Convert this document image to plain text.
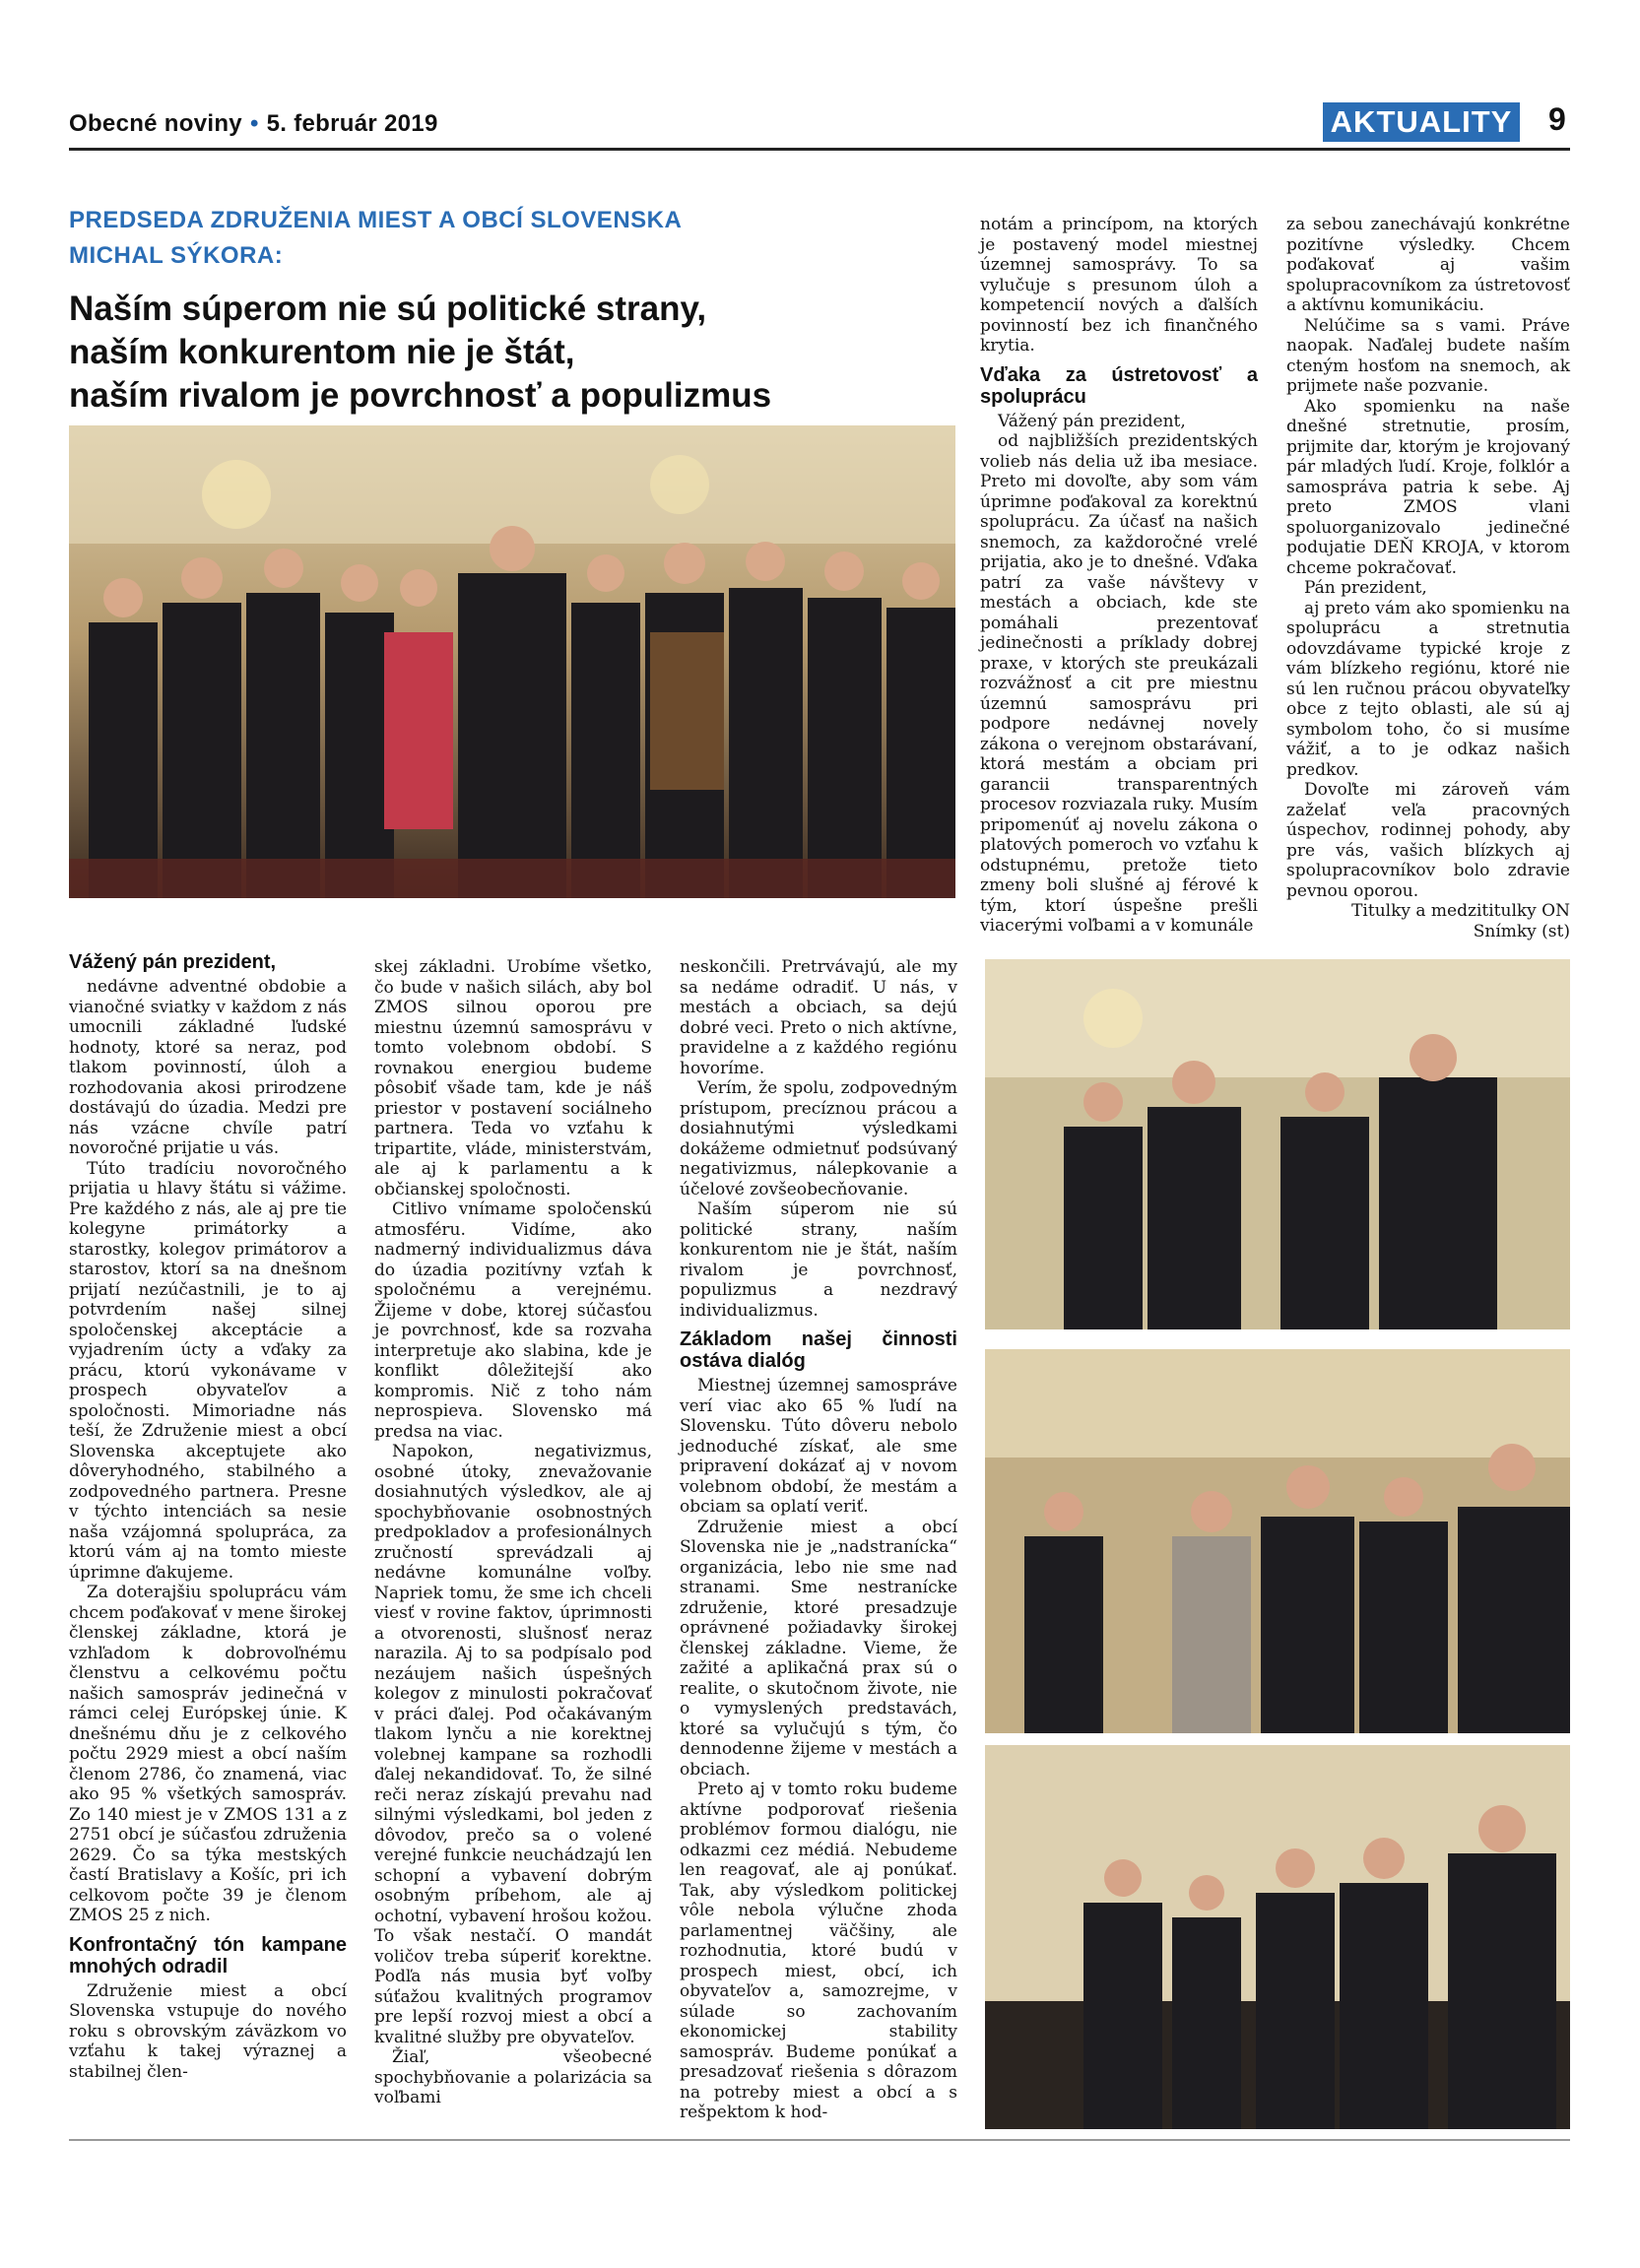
Obecné noviny • 5. február 2019	AKTUALITY 9
PREDSEDA ZDRUŽENIA MIEST A OBCÍ SLOVENSKA
MICHAL SÝKORA:
Naším súperom nie sú politické strany,
naším konkurentom nie je štát,
naším rivalom je povrchnosť a populizmus
Vážený pán prezident,

nedávne adventné obdobie a vianočné sviatky v každom z nás umocnili základné ľudské hodnoty, ktoré sa neraz, pod tlakom povinností, úloh a rozhodovania akosi prirodzene dostávajú do úzadia. Medzi pre nás vzácne chvíle patrí novoročné prijatie u vás.

Túto tradíciu novoročného prijatia u hlavy štátu si vážime. Pre každého z nás, ale aj pre tie kolegyne primátorky a starostky, kolegov primátorov a starostov, ktorí sa na dnešnom prijatí nezúčastnili, je to aj potvrdením našej silnej spoločenskej akceptácie a vyjadrením úcty a vďaky za prácu, ktorú vykonávame v prospech obyvateľov a spoločnosti. Mimoriadne nás teší, že Združenie miest a obcí Slovenska akceptujete ako dôveryhodného, stabilného a zodpovedného partnera. Presne v týchto intenciách sa nesie naša vzájomná spolupráca, za ktorú vám aj na tomto mieste úprimne ďakujeme.

Za doterajšiu spoluprácu vám chcem poďakovať v mene širokej členskej základne, ktorá je vzhľadom k dobrovoľnému členstvu a celkovému počtu našich samospráv jedinečná v rámci celej Európskej únie. K dnešnému dňu je z celkového počtu 2929 miest a obcí naším členom 2786, čo znamená, viac ako 95 % všetkých samospráv. Zo 140 miest je v ZMOS 131 a z 2751 obcí je súčasťou združenia 2629. Čo sa týka mestských častí Bratislavy a Košíc, pri ich celkovom počte 39 je členom ZMOS 25 z nich.

Konfrontačný tón kampane mnohých odradil

Združenie miest a obcí Slovenska vstupuje do nového roku s obrovským záväzkom vo vzťahu k takej výraznej a stabilnej člen-

skej základni. Urobíme všetko, čo bude v našich silách, aby bol ZMOS silnou oporou pre miestnu územnú samosprávu v tomto volebnom období. S rovnakou energiou budeme pôsobiť všade tam, kde je náš priestor v postavení sociálneho partnera. Teda vo vzťahu k tripartite, vláde, ministerstvám, ale aj k parlamentu a k občianskej spoločnosti.

Citlivo vnímame spoločenskú atmosféru. Vidíme, ako nadmerný individualizmus dáva do úzadia pozitívny vzťah k spoločnému a verejnému. Žijeme v dobe, ktorej súčasťou je povrchnosť, kde sa rozvaha interpretuje ako slabina, kde je konflikt dôležitejší ako kompromis. Nič z toho nám neprospieva. Slovensko má predsa na viac.

Napokon, negativizmus, osobné útoky, znevažovanie dosiahnutých výsledkov, ale aj spochybňovanie osobnostných predpokladov a profesionálnych zručností sprevádzali aj nedávne komunálne voľby. Napriek tomu, že sme ich chceli viesť v rovine faktov, úprimnosti a otvorenosti, slušnosť neraz narazila. Aj to sa podpísalo pod nezáujem našich úspešných kolegov z minulosti pokračovať v práci ďalej. Pod očakávaným tlakom lynču a nie korektnej volebnej kampane sa rozhodli ďalej nekandidovať. To, že silné reči neraz získajú prevahu nad silnými výsledkami, bol jeden z dôvodov, prečo sa o volené verejné funkcie neuchádzajú len schopní a vybavení dobrým osobným príbehom, ale aj ochotní, vybavení hrošou kožou. To však nestačí. O mandát voličov treba súperiť korektne. Podľa nás musia byť voľby súťažou kvalitných programov pre lepší rozvoj miest a obcí a kvalitné služby pre obyvateľov.

Žiaľ, všeobecné spochybňovanie a polarizácia sa voľbami

neskončili. Pretrvávajú, ale my sa nedáme odradiť. U nás, v mestách a obciach, sa dejú dobré veci. Preto o nich aktívne, pravidelne a z každého regiónu hovoríme.

Verím, že spolu, zodpovedným prístupom, precíznou prácou a dosiahnutými výsledkami dokážeme odmietnuť podsúvaný negativizmus, nálepkovanie a účelové zovšeobecňovanie.

Naším súperom nie sú politické strany, naším konkurentom nie je štát, naším rivalom je povrchnosť, populizmus a nezdravý individualizmus.

Základom našej činnosti ostáva dialóg

Miestnej územnej samospráve verí viac ako 65 % ľudí na Slovensku. Túto dôveru nebolo jednoduché získať, ale sme pripravení dokázať aj v novom volebnom období, že mestám a obciam sa oplatí veriť.

Združenie miest a obcí Slovenska nie je „nadstranícka“ organizácia, lebo nie sme nad stranami. Sme nestranícke združenie, ktoré presadzuje oprávnené požiadavky širokej členskej základne. Vieme, že zažité a aplikačná prax sú o realite, o skutočnom živote, nie o vymyslených predstavách, ktoré sa vylučujú s tým, čo dennodenne žijeme v mestách a obciach.

Preto aj v tomto roku budeme aktívne podporovať riešenia problémov formou dialógu, nie odkazmi cez médiá. Nebudeme len reagovať, ale aj ponúkať. Tak, aby výsledkom politickej vôle nebola výlučne zhoda parlamentnej väčšiny, ale rozhodnutia, ktoré budú v prospech miest, obcí, ich obyvateľov a, samozrejme, v súlade so zachovaním ekonomickej stability samospráv. Budeme ponúkať a presadzovať riešenia s dôrazom na potreby miest a obcí a s rešpektom k hod-

notám a princípom, na ktorých je postavený model miestnej územnej samosprávy. To sa vylučuje s presunom úloh a kompetencií nových a ďalších povinností bez ich finančného krytia.

Vďaka za ústretovosť a spoluprácu

Vážený pán prezident,

od najbližších prezidentských volieb nás delia už iba mesiace. Preto mi dovoľte, aby som vám úprimne poďakoval za korektnú spoluprácu. Za účasť na našich snemoch, za každoročné vrelé prijatia, ako je to dnešné. Vďaka patrí za vaše návštevy v mestách a obciach, kde ste pomáhali prezentovať jedinečnosti a príklady dobrej praxe, v ktorých ste preukázali rozvážnosť a cit pre miestnu územnú samosprávu pri podpore nedávnej novely zákona o verejnom obstarávaní, ktorá mestám a obciam pri garancii transparentných procesov rozviazala ruky. Musím pripomenúť aj novelu zákona o platových pomeroch vo vzťahu k odstupnému, pretože tieto zmeny boli slušné aj férové k tým, ktorí úspešne prešli viacerými voľbami a v komunále

za sebou zanechávajú konkrétne pozitívne výsledky. Chcem poďakovať aj vašim spolupracovníkom za ústretovosť a aktívnu komunikáciu.

Nelúčime sa s vami. Práve naopak. Naďalej budete naším cteným hosťom na snemoch, ak prijmete naše pozvanie.

Ako spomienku na naše dnešné stretnutie, prosím, prijmite dar, ktorým je krojovaný pár mladých ľudí. Kroje, folklór a samospráva patria k sebe. Aj preto ZMOS vlani spoluorganizovalo jedinečné podujatie DEŇ KROJA, v ktorom chceme pokračovať.

Pán prezident,

aj preto vám ako spomienku na spoluprácu a stretnutia odovzdávame typické kroje z vám blízkeho regiónu, ktoré nie sú len ručnou prácou obyvateľky obce z tejto oblasti, ale sú aj symbolom toho, čo si musíme vážiť, a to je odkaz našich predkov.

Dovoľte mi zároveň vám zaželať veľa pracovných úspechov, rodinnej pohody, aby pre vás, vašich blízkych aj spolupracovníkov bolo zdravie pevnou oporou.

Titulky a medzititulky ON

Snímky (st)
